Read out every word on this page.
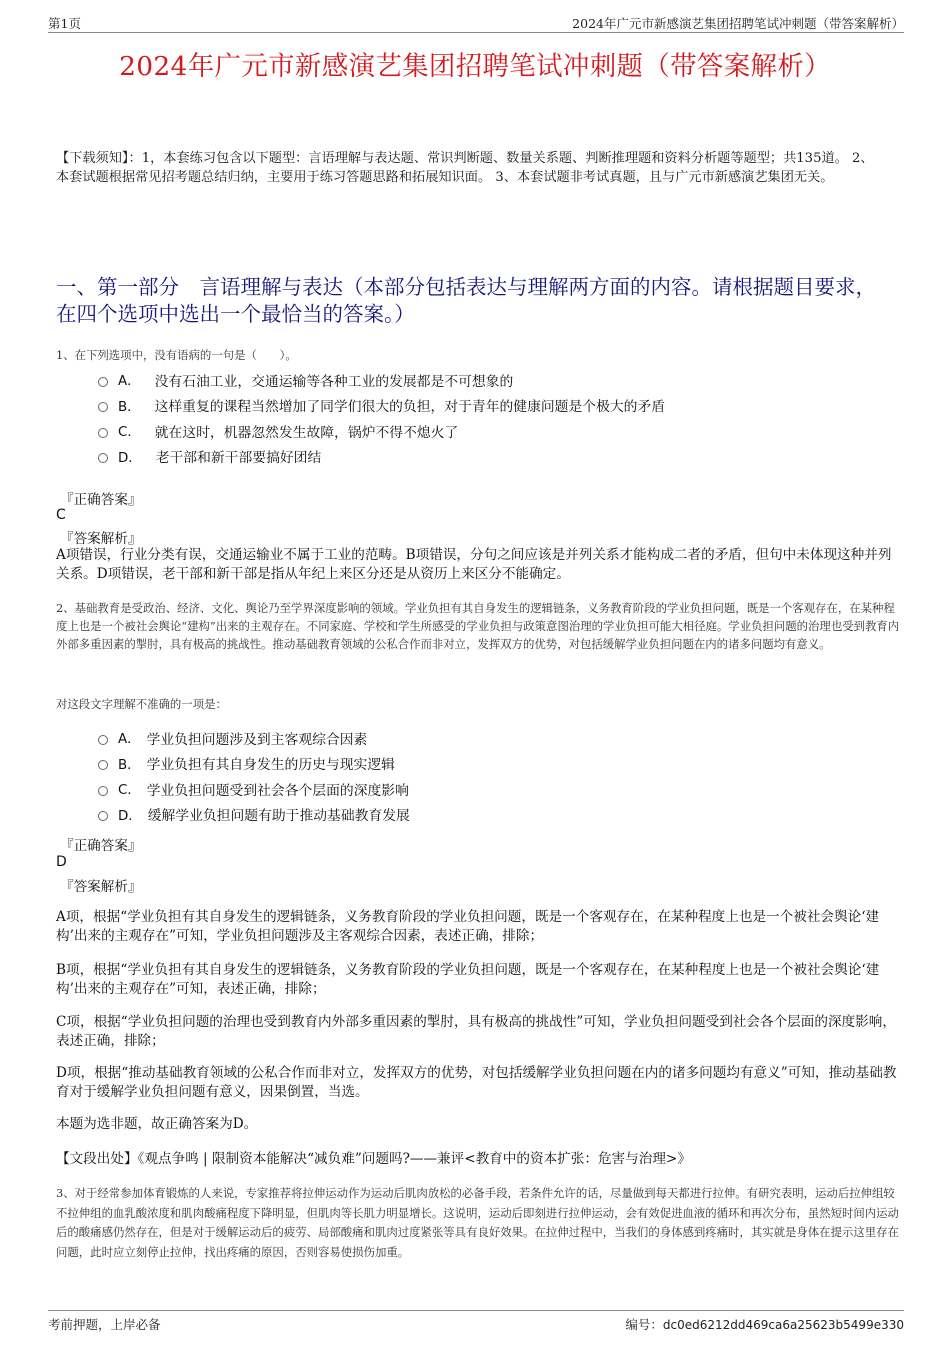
第1页	2024年广元市新感演艺集团招聘笔试冲刺题（带答案解析）
2024年广元市新感演艺集团招聘笔试冲刺题（带答案解析）
【下载须知】：1，本套练习包含以下题型：言语理解与表达题、常识判断题、数量关系题、判断推理题和资料分析题等题型；共135道。 2、本套试题根据常见招考题总结归纳，主要用于练习答题思路和拓展知识面。 3、本套试题非考试真题，且与广元市新感演艺集团无关。
一、第一部分　言语理解与表达（本部分包括表达与理解两方面的内容。请根据题目要求，在四个选项中选出一个最恰当的答案。）
1、在下列选项中，没有语病的一句是（　　）。
A． 没有石油工业，交通运输等各种工业的发展都是不可想象的
B． 这样重复的课程当然增加了同学们很大的负担，对于青年的健康问题是个极大的矛盾
C． 就在这时，机器忽然发生故障，锅炉不得不熄火了
D． 老干部和新干部要搞好团结
『正确答案』
C
『答案解析』
A项错误，行业分类有误，交通运输业不属于工业的范畴。B项错误，分句之间应该是并列关系才能构成二者的矛盾，但句中未体现这种并列关系。D项错误，老干部和新干部是指从年纪上来区分还是从资历上来区分不能确定。
2、基础教育是受政治、经济、文化、舆论乃至学界深度影响的领域。学业负担有其自身发生的逻辑链条，义务教育阶段的学业负担问题，既是一个客观存在，在某种程度上也是一个被社会舆论“建构”出来的主观存在。不同家庭、学校和学生所感受的学业负担与政策意图治理的学业负担可能大相径庭。学业负担问题的治理也受到教育内外部多重因素的掣肘，具有极高的挑战性。推动基础教育领域的公私合作而非对立，发挥双方的优势，对包括缓解学业负担问题在内的诸多问题均有意义。
对这段文字理解不准确的一项是：
A． 学业负担问题涉及到主客观综合因素
B． 学业负担有其自身发生的历史与现实逻辑
C． 学业负担问题受到社会各个层面的深度影响
D． 缓解学业负担问题有助于推动基础教育发展
『正确答案』
D
『答案解析』
A项，根据“学业负担有其自身发生的逻辑链条，义务教育阶段的学业负担问题，既是一个客观存在，在某种程度上也是一个被社会舆论‘建构’出来的主观存在”可知，学业负担问题涉及主客观综合因素，表述正确，排除；
B项，根据“学业负担有其自身发生的逻辑链条，义务教育阶段的学业负担问题，既是一个客观存在，在某种程度上也是一个被社会舆论‘建构’出来的主观存在”可知，表述正确，排除；
C项，根据“学业负担问题的治理也受到教育内外部多重因素的掣肘，具有极高的挑战性”可知，学业负担问题受到社会各个层面的深度影响，表述正确，排除；
D项，根据“推动基础教育领域的公私合作而非对立，发挥双方的优势，对包括缓解学业负担问题在内的诸多问题均有意义”可知，推动基础教育对于缓解学业负担问题有意义，因果倒置，当选。
本题为选非题，故正确答案为D。
【文段出处】《观点争鸣 | 限制资本能解决“减负难”问题吗?——兼评<教育中的资本扩张：危害与治理>》
3、对于经常参加体育锻炼的人来说，专家推荐将拉伸运动作为运动后肌肉放松的必备手段，若条件允许的话，尽量做到每天都进行拉伸。有研究表明，运动后拉伸组较不拉伸组的血乳酸浓度和肌肉酸痛程度下降明显，但肌肉等长肌力明显增长。这说明，运动后即刻进行拉伸运动，会有效促进血液的循环和再次分布，虽然短时间内运动后的酸痛感仍然存在，但是对于缓解运动后的疲劳、局部酸痛和肌肉过度紧张等具有良好效果。在拉伸过程中，当我们的身体感到疼痛时，其实就是身体在提示这里存在问题，此时应立刻停止拉伸，找出疼痛的原因，否则容易使损伤加重。
考前押题，上岸必备	编号：dc0ed6212dd469ca6a25623b5499e330
